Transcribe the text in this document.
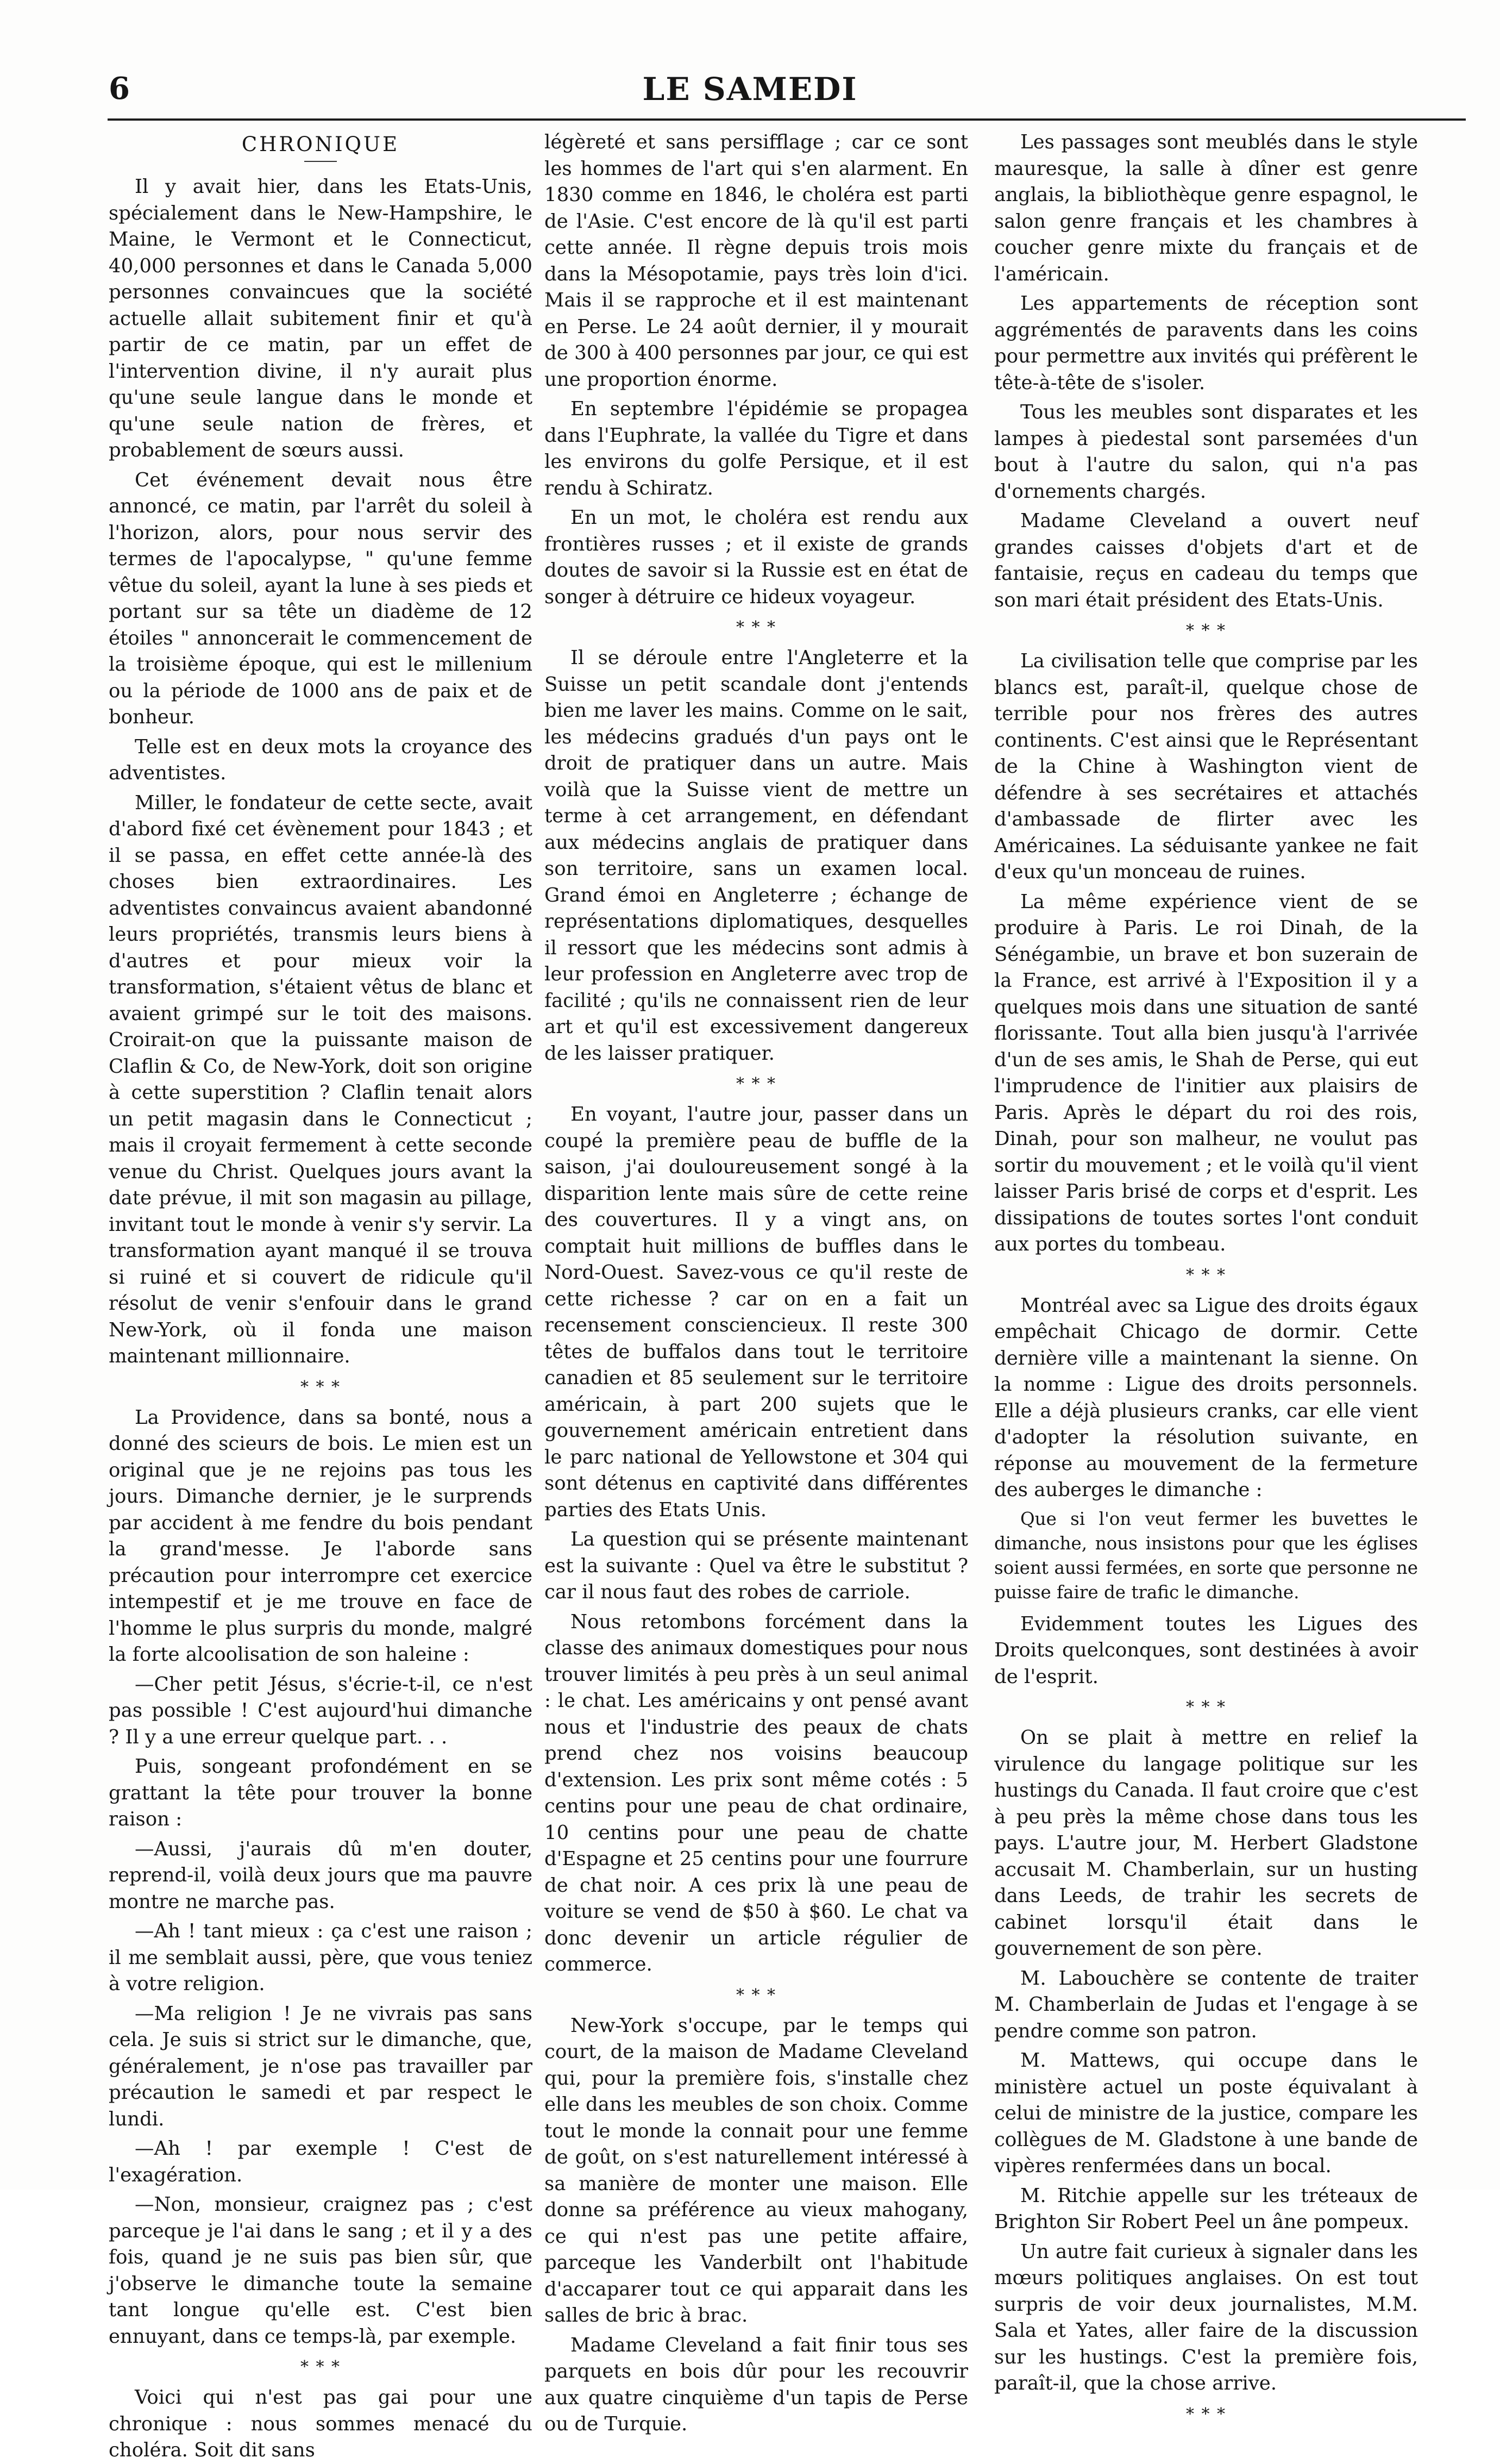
6	LE SAMEDI
CHRONIQUE

Il y avait hier, dans les Etats-Unis, spécialement dans le New-Hampshire, le Maine, le Vermont et le Connecticut, 40,000 personnes et dans le Canada 5,000 personnes convaincues que la société actuelle allait subitement finir et qu'à partir de ce matin, par un effet de l'intervention divine, il n'y aurait plus qu'une seule langue dans le monde et qu'une seule nation de frères, et probablement de sœurs aussi.

Cet événement devait nous être annoncé, ce matin, par l'arrêt du soleil à l'horizon, alors, pour nous servir des termes de l'apocalypse, " qu'une femme vêtue du soleil, ayant la lune à ses pieds et portant sur sa tête un diadème de 12 étoiles " annoncerait le commencement de la troisième époque, qui est le millenium ou la période de 1000 ans de paix et de bonheur.

Telle est en deux mots la croyance des adventistes.

Miller, le fondateur de cette secte, avait d'abord fixé cet évènement pour 1843 ; et il se passa, en effet cette année-là des choses bien extraordinaires. Les adventistes convaincus avaient abandonné leurs propriétés, transmis leurs biens à d'autres et pour mieux voir la transformation, s'étaient vêtus de blanc et avaient grimpé sur le toit des maisons. Croirait-on que la puissante maison de Claflin & Co, de New-York, doit son origine à cette superstition ? Claflin tenait alors un petit magasin dans le Connecticut ; mais il croyait fermement à cette seconde venue du Christ. Quelques jours avant la date prévue, il mit son magasin au pillage, invitant tout le monde à venir s'y servir. La transformation ayant manqué il se trouva si ruiné et si couvert de ridicule qu'il résolut de venir s'enfouir dans le grand New-York, où il fonda une maison maintenant millionnaire.

* * *

La Providence, dans sa bonté, nous a donné des scieurs de bois. Le mien est un original que je ne rejoins pas tous les jours. Dimanche dernier, je le surprends par accident à me fendre du bois pendant la grand'messe. Je l'aborde sans précaution pour interrompre cet exercice intempestif et je me trouve en face de l'homme le plus surpris du monde, malgré la forte alcoolisation de son haleine :

—Cher petit Jésus, s'écrie-t-il, ce n'est pas possible ! C'est aujourd'hui dimanche ? Il y a une erreur quelque part. . .

Puis, songeant profondément en se grattant la tête pour trouver la bonne raison :

—Aussi, j'aurais dû m'en douter, reprend-il, voilà deux jours que ma pauvre montre ne marche pas.

—Ah ! tant mieux : ça c'est une raison ; il me semblait aussi, père, que vous teniez à votre religion.

—Ma religion ! Je ne vivrais pas sans cela. Je suis si strict sur le dimanche, que, généralement, je n'ose pas travailler par précaution le samedi et par respect le lundi.

—Ah ! par exemple ! C'est de l'exagération.

—Non, monsieur, craignez pas ; c'est parceque je l'ai dans le sang ; et il y a des fois, quand je ne suis pas bien sûr, que j'observe le dimanche toute la semaine tant longue qu'elle est. C'est bien ennuyant, dans ce temps-là, par exemple.

* * *

Voici qui n'est pas gai pour une chronique : nous sommes menacé du choléra. Soit dit sans

légèreté et sans persifflage ; car ce sont les hommes de l'art qui s'en alarment. En 1830 comme en 1846, le choléra est parti de l'Asie. C'est encore de là qu'il est parti cette année. Il règne depuis trois mois dans la Mésopotamie, pays très loin d'ici. Mais il se rapproche et il est maintenant en Perse. Le 24 août dernier, il y mourait de 300 à 400 personnes par jour, ce qui est une proportion énorme.

En septembre l'épidémie se propagea dans l'Euphrate, la vallée du Tigre et dans les environs du golfe Persique, et il est rendu à Schiratz.

En un mot, le choléra est rendu aux frontières russes ; et il existe de grands doutes de savoir si la Russie est en état de songer à détruire ce hideux voyageur.

* * *

Il se déroule entre l'Angleterre et la Suisse un petit scandale dont j'entends bien me laver les mains. Comme on le sait, les médecins gradués d'un pays ont le droit de pratiquer dans un autre. Mais voilà que la Suisse vient de mettre un terme à cet arrangement, en défendant aux médecins anglais de pratiquer dans son territoire, sans un examen local. Grand émoi en Angleterre ; échange de représentations diplomatiques, desquelles il ressort que les médecins sont admis à leur profession en Angleterre avec trop de facilité ; qu'ils ne connaissent rien de leur art et qu'il est excessivement dangereux de les laisser pratiquer.

* * *

En voyant, l'autre jour, passer dans un coupé la première peau de buffle de la saison, j'ai douloureusement songé à la disparition lente mais sûre de cette reine des couvertures. Il y a vingt ans, on comptait huit millions de buffles dans le Nord-Ouest. Savez-vous ce qu'il reste de cette richesse ? car on en a fait un recensement consciencieux. Il reste 300 têtes de buffalos dans tout le territoire canadien et 85 seulement sur le territoire américain, à part 200 sujets que le gouvernement américain entretient dans le parc national de Yellowstone et 304 qui sont détenus en captivité dans différentes parties des Etats Unis.

La question qui se présente maintenant est la suivante : Quel va être le substitut ? car il nous faut des robes de carriole.

Nous retombons forcément dans la classe des animaux domestiques pour nous trouver limités à peu près à un seul animal : le chat. Les américains y ont pensé avant nous et l'industrie des peaux de chats prend chez nos voisins beaucoup d'extension. Les prix sont même cotés : 5 centins pour une peau de chat ordinaire, 10 centins pour une peau de chatte d'Espagne et 25 centins pour une fourrure de chat noir. A ces prix là une peau de voiture se vend de $50 à $60. Le chat va donc devenir un article régulier de commerce.

* * *

New-York s'occupe, par le temps qui court, de la maison de Madame Cleveland qui, pour la première fois, s'installe chez elle dans les meubles de son choix. Comme tout le monde la connait pour une femme de goût, on s'est naturellement intéressé à sa manière de monter une maison. Elle donne sa préférence au vieux mahogany, ce qui n'est pas une petite affaire, parceque les Vanderbilt ont l'habitude d'accaparer tout ce qui apparait dans les salles de bric à brac.

Madame Cleveland a fait finir tous ses parquets en bois dûr pour les recouvrir aux quatre cinquième d'un tapis de Perse ou de Turquie.

Les passages sont meublés dans le style mauresque, la salle à dîner est genre anglais, la bibliothèque genre espagnol, le salon genre français et les chambres à coucher genre mixte du français et de l'américain.

Les appartements de réception sont aggrémentés de paravents dans les coins pour permettre aux invités qui préfèrent le tête-à-tête de s'isoler.

Tous les meubles sont disparates et les lampes à piedestal sont parsemées d'un bout à l'autre du salon, qui n'a pas d'ornements chargés.

Madame Cleveland a ouvert neuf grandes caisses d'objets d'art et de fantaisie, reçus en cadeau du temps que son mari était président des Etats-Unis.

* * *

La civilisation telle que comprise par les blancs est, paraît-il, quelque chose de terrible pour nos frères des autres continents. C'est ainsi que le Représentant de la Chine à Washington vient de défendre à ses secrétaires et attachés d'ambassade de flirter avec les Américaines. La séduisante yankee ne fait d'eux qu'un monceau de ruines.

La même expérience vient de se produire à Paris. Le roi Dinah, de la Sénégambie, un brave et bon suzerain de la France, est arrivé à l'Exposition il y a quelques mois dans une situation de santé florissante. Tout alla bien jusqu'à l'arrivée d'un de ses amis, le Shah de Perse, qui eut l'imprudence de l'initier aux plaisirs de Paris. Après le départ du roi des rois, Dinah, pour son malheur, ne voulut pas sortir du mouvement ; et le voilà qu'il vient laisser Paris brisé de corps et d'esprit. Les dissipations de toutes sortes l'ont conduit aux portes du tombeau.

* * *

Montréal avec sa Ligue des droits égaux empêchait Chicago de dormir. Cette dernière ville a maintenant la sienne. On la nomme : Ligue des droits personnels. Elle a déjà plusieurs cranks, car elle vient d'adopter la résolution suivante, en réponse au mouvement de la fermeture des auberges le dimanche :

Que si l'on veut fermer les buvettes le dimanche, nous insistons pour que les églises soient aussi fermées, en sorte que personne ne puisse faire de trafic le dimanche.

Evidemment toutes les Ligues des Droits quelconques, sont destinées à avoir de l'esprit.

* * *

On se plait à mettre en relief la virulence du langage politique sur les hustings du Canada. Il faut croire que c'est à peu près la même chose dans tous les pays. L'autre jour, M. Herbert Gladstone accusait M. Chamberlain, sur un husting dans Leeds, de trahir les secrets de cabinet lorsqu'il était dans le gouvernement de son père.

M. Labouchère se contente de traiter M. Chamberlain de Judas et l'engage à se pendre comme son patron.

M. Mattews, qui occupe dans le ministère actuel un poste équivalant à celui de ministre de la justice, compare les collègues de M. Gladstone à une bande de vipères renfermées dans un bocal.

M. Ritchie appelle sur les tréteaux de Brighton Sir Robert Peel un âne pompeux.

Un autre fait curieux à signaler dans les mœurs politiques anglaises. On est tout surpris de voir deux journalistes, M.M. Sala et Yates, aller faire de la discussion sur les hustings. C'est la première fois, paraît-il, que la chose arrive.

* * *
